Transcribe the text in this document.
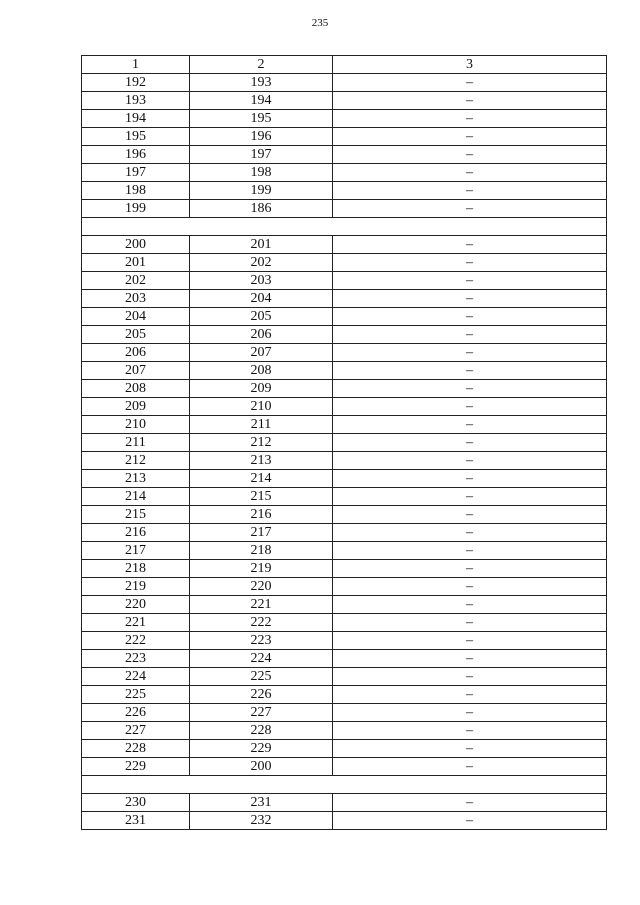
235
1	2	3
192	193	–
193	194	–
194	195	–
195	196	–
196	197	–
197	198	–
198	199	–
199	186	–

200	201	–
201	202	–
202	203	–
203	204	–
204	205	–
205	206	–
206	207	–
207	208	–
208	209	–
209	210	–
210	211	–
211	212	–
212	213	–
213	214	–
214	215	–
215	216	–
216	217	–
217	218	–
218	219	–
219	220	–
220	221	–
221	222	–
222	223	–
223	224	–
224	225	–
225	226	–
226	227	–
227	228	–
228	229	–
229	200	–

230	231	–
231	232	–
